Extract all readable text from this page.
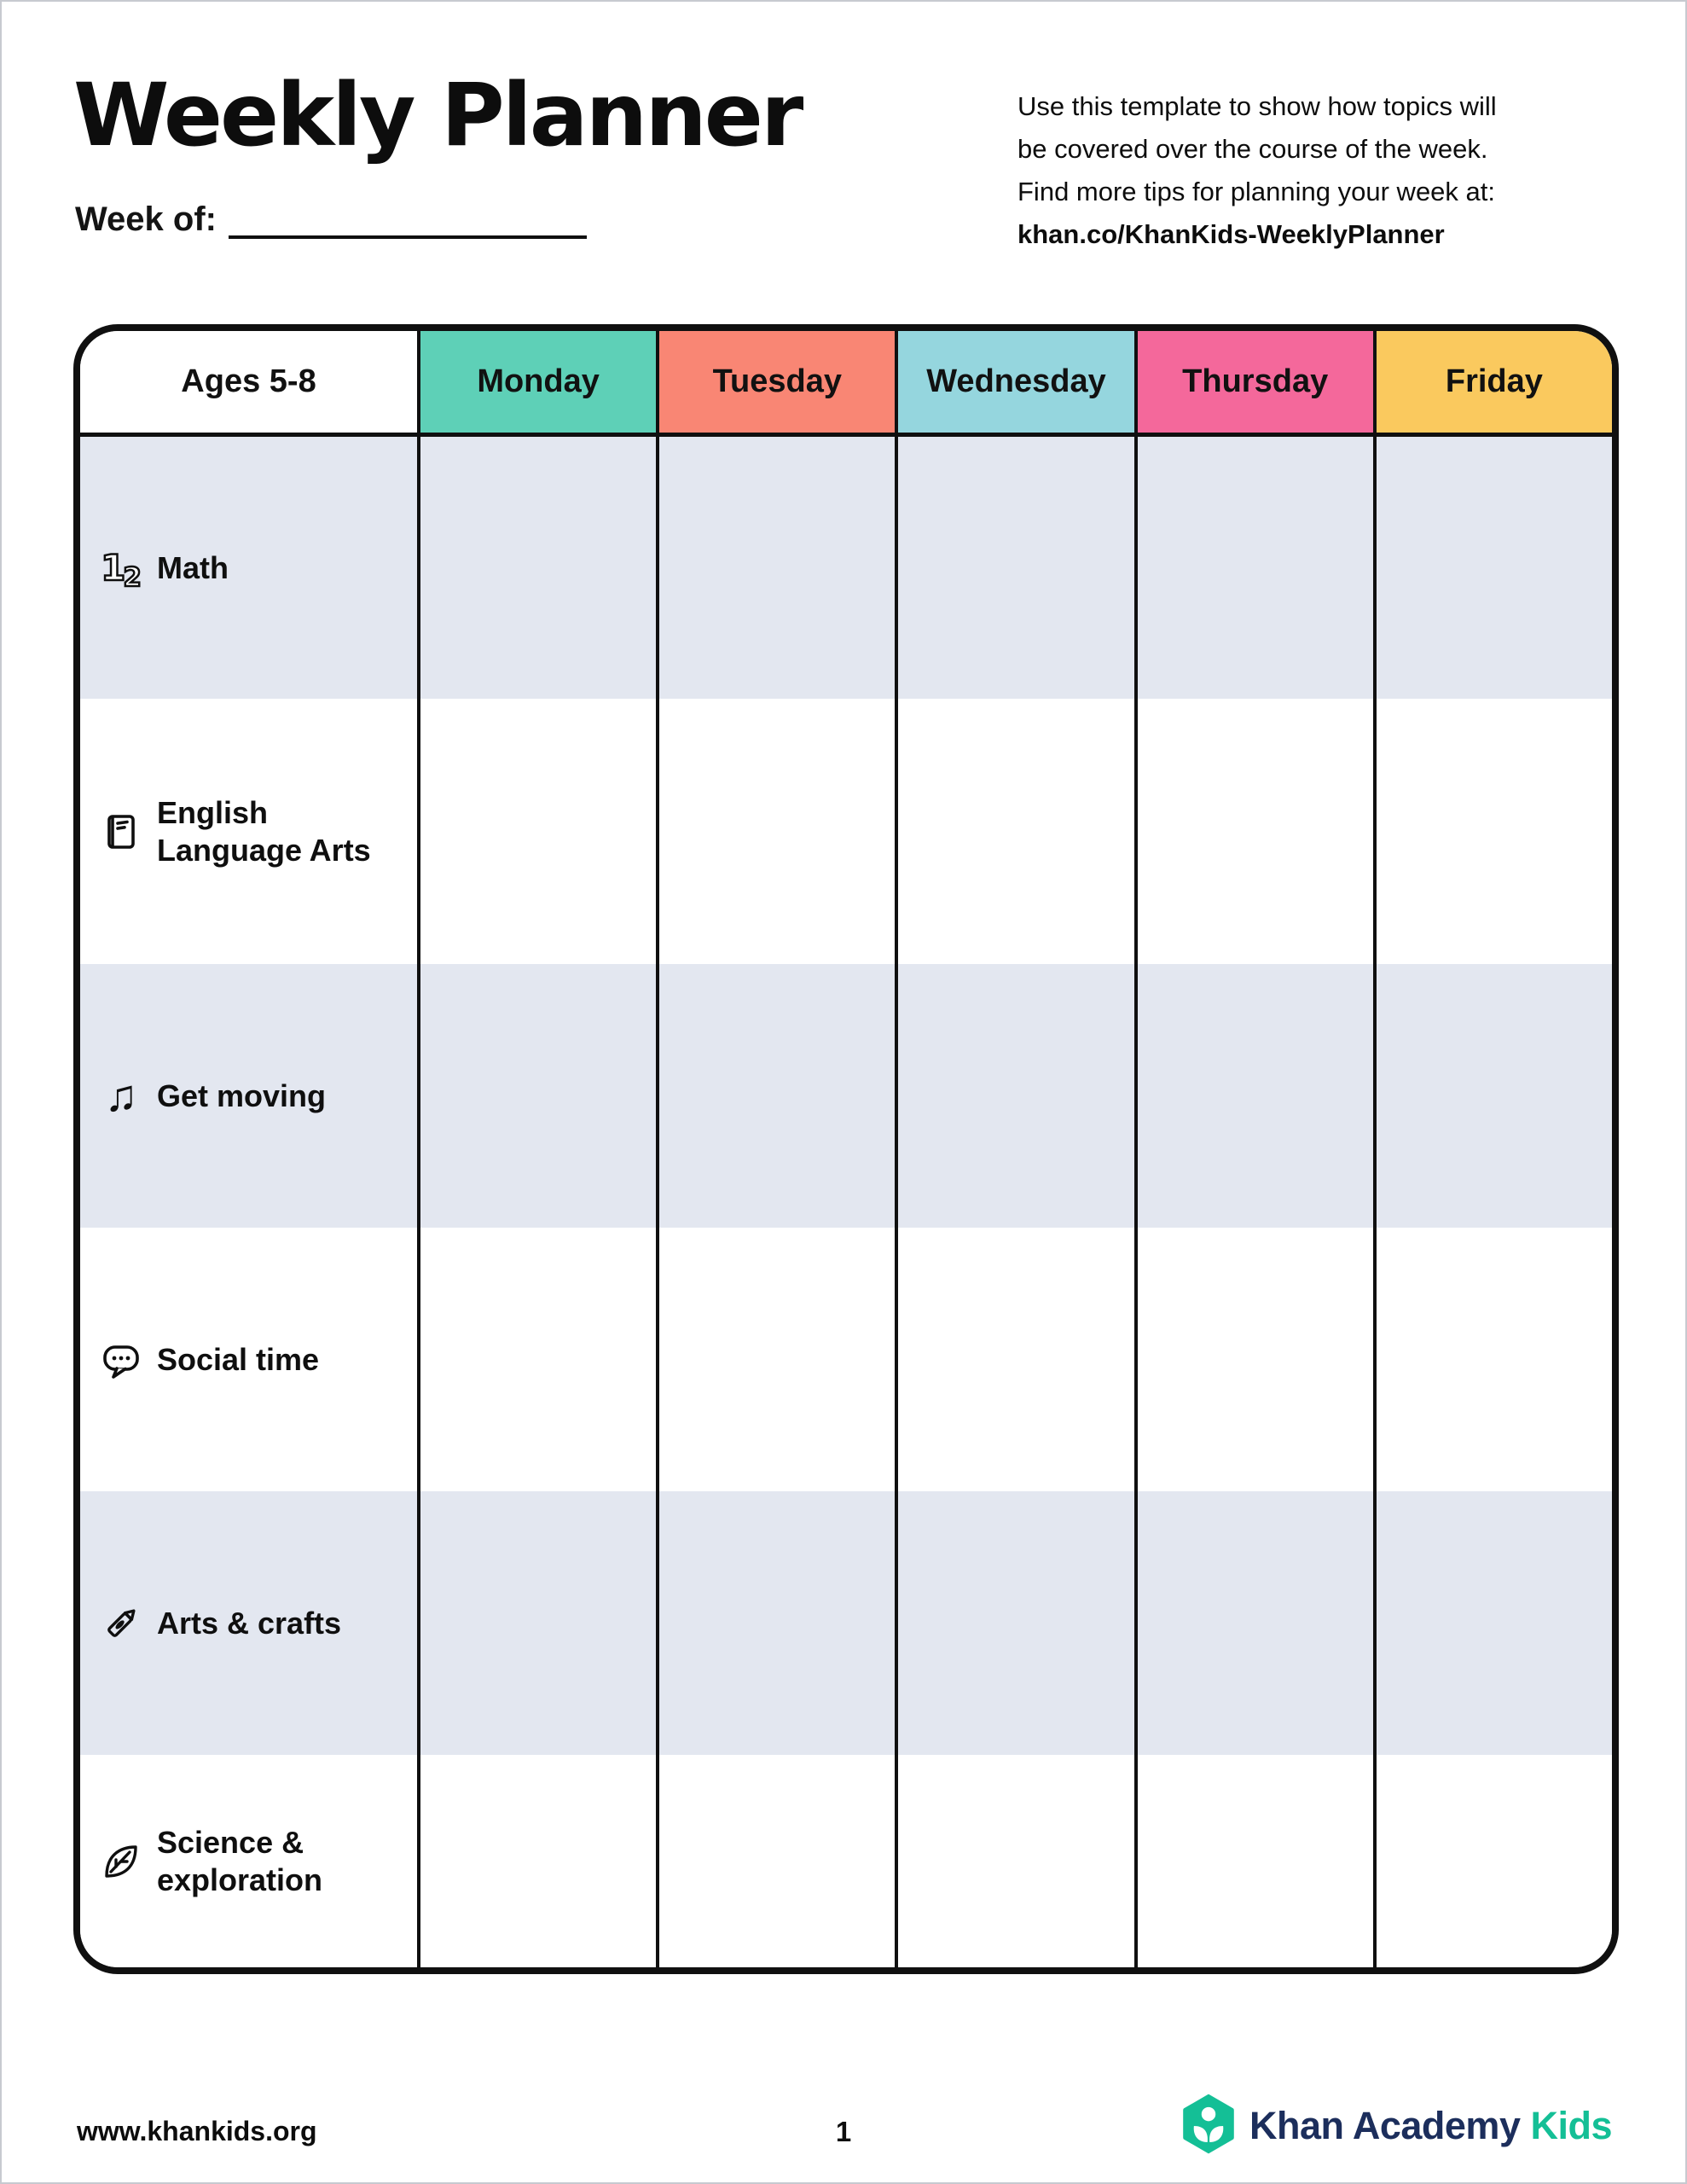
Weekly Planner
Week of:
Use this template to show how topics will
be covered over the course of the week.
Find more tips for planning your week at:
khan.co/KhanKids-WeeklyPlanner
Ages 5-8	Monday	Tuesday	Wednesday	Thursday	Friday
1
2 Math
English
Language Arts
♫ Get moving
Social time
Arts & crafts
Science &
exploration
www.khankids.org	1	Khan Academy Kids
